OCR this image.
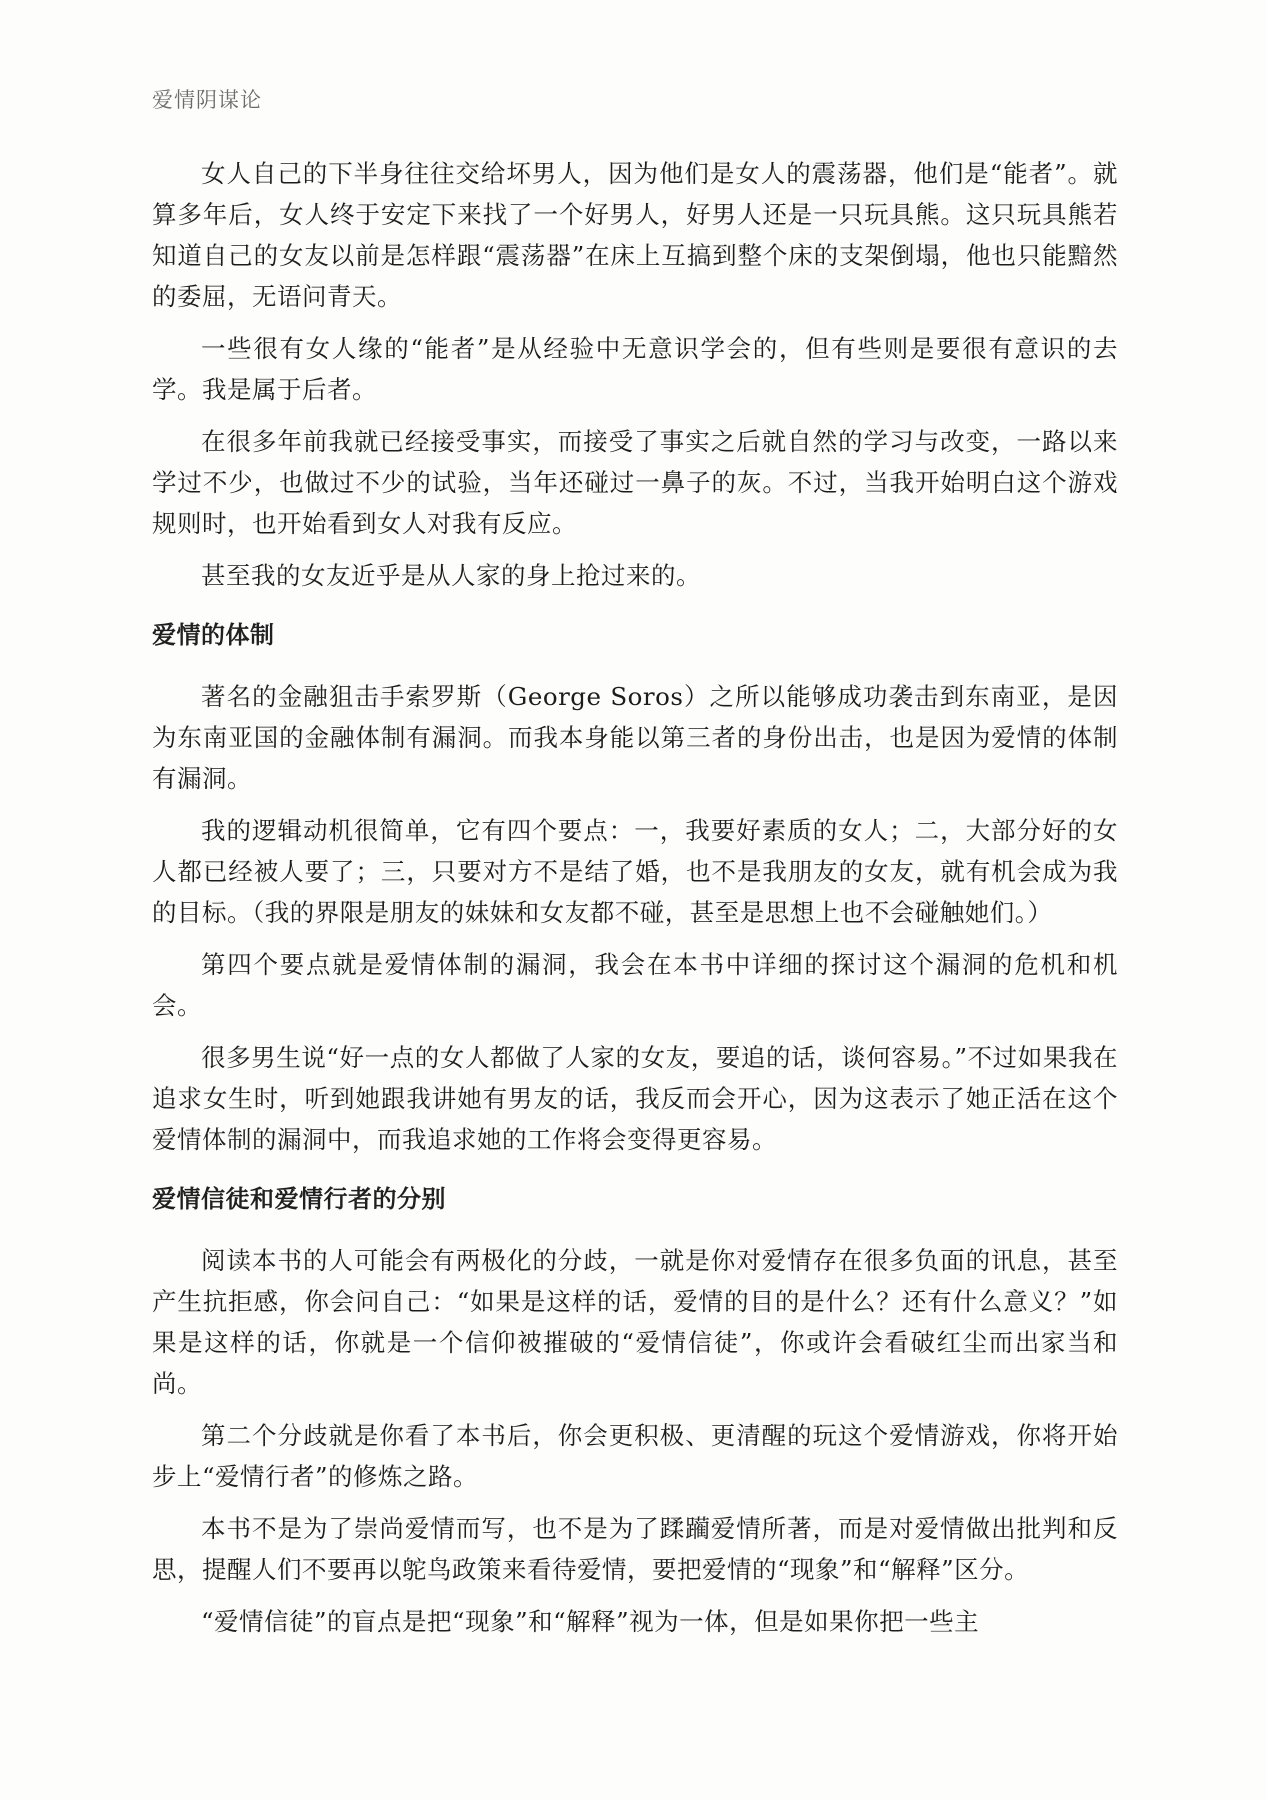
爱情阴谋论

女人自己的下半身往往交给坏男人，因为他们是女人的震荡器，他们是“能者”。就算多年后，女人终于安定下来找了一个好男人，好男人还是一只玩具熊。这只玩具熊若知道自己的女友以前是怎样跟“震荡器”在床上互搞到整个床的支架倒塌，他也只能黯然的委屈，无语问青天。

一些很有女人缘的“能者”是从经验中无意识学会的，但有些则是要很有意识的去学。我是属于后者。

在很多年前我就已经接受事实，而接受了事实之后就自然的学习与改变，一路以来学过不少，也做过不少的试验，当年还碰过一鼻子的灰。不过，当我开始明白这个游戏规则时，也开始看到女人对我有反应。

甚至我的女友近乎是从人家的身上抢过来的。

爱情的体制

著名的金融狙击手索罗斯（George Soros）之所以能够成功袭击到东南亚，是因为东南亚国的金融体制有漏洞。而我本身能以第三者的身份出击，也是因为爱情的体制有漏洞。

我的逻辑动机很简单，它有四个要点：一，我要好素质的女人；二，大部分好的女人都已经被人要了；三，只要对方不是结了婚，也不是我朋友的女友，就有机会成为我的目标。（我的界限是朋友的妹妹和女友都不碰，甚至是思想上也不会碰触她们。）

第四个要点就是爱情体制的漏洞，我会在本书中详细的探讨这个漏洞的危机和机会。

很多男生说“好一点的女人都做了人家的女友，要追的话，谈何容易。”不过如果我在追求女生时，听到她跟我讲她有男友的话，我反而会开心，因为这表示了她正活在这个爱情体制的漏洞中，而我追求她的工作将会变得更容易。

爱情信徒和爱情行者的分别

阅读本书的人可能会有两极化的分歧，一就是你对爱情存在很多负面的讯息，甚至产生抗拒感，你会问自己：“如果是这样的话，爱情的目的是什么？还有什么意义？”如果是这样的话，你就是一个信仰被摧破的“爱情信徒”，你或许会看破红尘而出家当和尚。

第二个分歧就是你看了本书后，你会更积极、更清醒的玩这个爱情游戏，你将开始步上“爱情行者”的修炼之路。

本书不是为了崇尚爱情而写，也不是为了蹂躏爱情所著，而是对爱情做出批判和反思，提醒人们不要再以鸵鸟政策来看待爱情，要把爱情的“现象”和“解释”区分。

“爱情信徒”的盲点是把“现象”和“解释”视为一体，但是如果你把一些主
